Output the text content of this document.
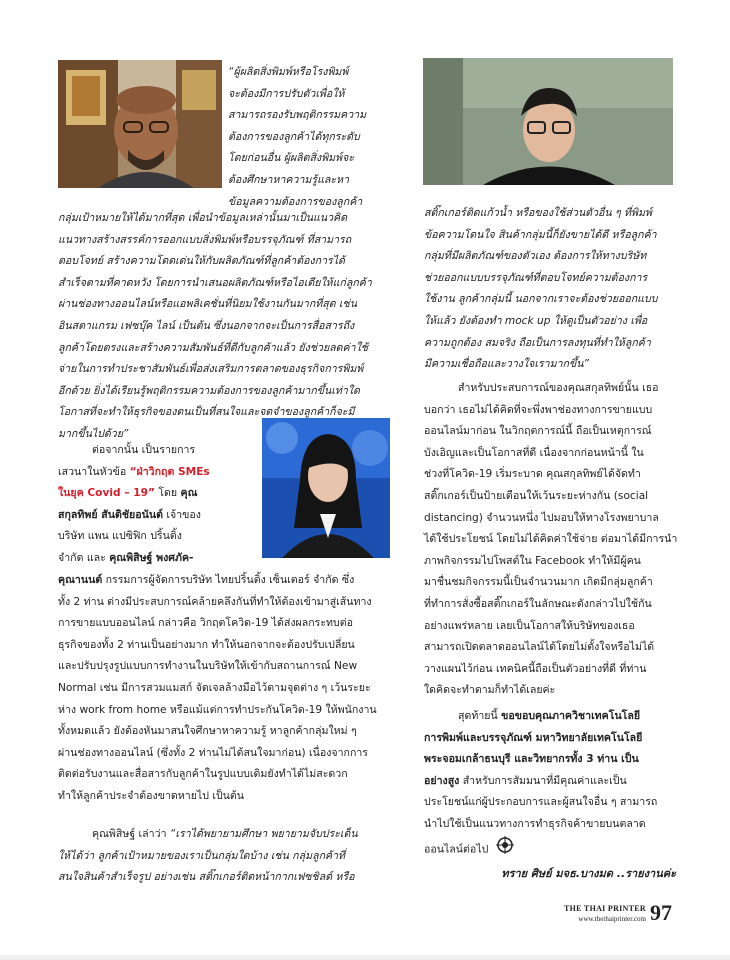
“ผู้ผลิตสิ่งพิมพ์หรือโรงพิมพ์
จะต้องมีการปรับตัวเพื่อให้
สามารถรองรับพฤติกรรมความ
ต้องการของลูกค้าได้ทุกระดับ
โดยก่อนอื่น ผู้ผลิตสิ่งพิมพ์จะ
ต้องศึกษาหาความรู้และหา
ข้อมูลความต้องการของลูกค้า
กลุ่มเป้าหมายให้ได้มากที่สุด เพื่อนำข้อมูลเหล่านั้นมาเป็นแนวคิด
แนวทางสร้างสรรค์การออกแบบสิ่งพิมพ์หรือบรรจุภัณฑ์ ที่สามารถ
ตอบโจทย์ สร้างความโดดเด่นให้กับผลิตภัณฑ์ที่ลูกค้าต้องการได้
สำเร็จตามที่คาดหวัง โดยการนำเสนอผลิตภัณฑ์หรือไอเดียให้แก่ลูกค้า
ผ่านช่องทางออนไลน์หรือแอพลิเคชั่นที่นิยมใช้งานกันมากที่สุด เช่น
อินสตาแกรม เฟซบุ๊ค ไลน์ เป็นต้น ซึ่งนอกจากจะเป็นการสื่อสารถึง
ลูกค้าโดยตรงและสร้างความสัมพันธ์ที่ดีกับลูกค้าแล้ว ยังช่วยลดค่าใช้
จ่ายในการทำประชาสัมพันธ์เพื่อส่งเสริมการตลาดของธุรกิจการพิมพ์
อีกด้วย ยิ่งได้เรียนรู้พฤติกรรมความต้องการของลูกค้ามากขึ้นเท่าใด
โอกาสที่จะทำให้ธุรกิจของตนเป็นที่สนใจและจดจำของลูกค้าก็จะมี
มากขึ้นไปด้วย”
ต่อจากนั้น เป็นรายการ
เสวนาในหัวข้อ “ฝ่าวิกฤต SMEs
ในยุค Covid – 19” โดย คุณ
สกุลทิพย์ สันติชัยอนันต์ เจ้าของ
บริษัท แพน แปซิฟิก ปริ้นติ้ง
จำกัด และ คุณพิสิษฐ์ พงศภัค-
คุณานนต์ กรรมการผู้จัดการบริษัท ไทยปริ้นติ้ง เซ็นเตอร์ จำกัด ซึ่ง
ทั้ง 2 ท่าน ต่างมีประสบการณ์คล้ายคลึงกันที่ทำให้ต้องเข้ามาสู่เส้นทาง
การขายแบบออนไลน์ กล่าวคือ วิกฤตโควิด-19 ได้ส่งผลกระทบต่อ
ธุรกิจของทั้ง 2 ท่านเป็นอย่างมาก ทำให้นอกจากจะต้องปรับเปลี่ยน
และปรับปรุงรูปแบบการทำงานในบริษัทให้เข้ากับสถานการณ์ New
Normal เช่น มีการสวมแมสก์ จัดเจลล้างมือไว้ตามจุดต่าง ๆ เว้นระยะ
ห่าง work from home หรือแม้แต่การทำประกันโควิด-19 ให้พนักงาน
ทั้งหมดแล้ว ยังต้องหันมาสนใจศึกษาหาความรู้ หาลูกค้ากลุ่มใหม่ ๆ
ผ่านช่องทางออนไลน์ (ซึ่งทั้ง 2 ท่านไม่ได้สนใจมาก่อน) เนื่องจากการ
ติดต่อรับงานและสื่อสารกับลูกค้าในรูปแบบเดิมยังทำได้ไม่สะดวก
ทำให้ลูกค้าประจำต้องขาดหายไป เป็นต้น
คุณพิสิษฐ์ เล่าว่า “เราได้พยายามศึกษา พยายามจับประเด็น
ให้ได้ว่า ลูกค้าเป้าหมายของเราเป็นกลุ่มใดบ้าง เช่น กลุ่มลูกค้าที่
สนใจสินค้าสำเร็จรูป อย่างเช่น สติ๊กเกอร์ติดหน้ากากเฟซชิลด์ หรือ
สติ๊กเกอร์ติดแก้วน้ำ หรือของใช้ส่วนตัวอื่น ๆ ที่พิมพ์
ข้อความโดนใจ สินค้ากลุ่มนี้ก็ยังขายได้ดี หรือลูกค้า
กลุ่มที่มีผลิตภัณฑ์ของตัวเอง ต้องการให้ทางบริษัท
ช่วยออกแบบบรรจุภัณฑ์ที่ตอบโจทย์ความต้องการ
ใช้งาน ลูกค้ากลุ่มนี้ นอกจากเราจะต้องช่วยออกแบบ
ให้แล้ว ยังต้องทำ mock up ให้ดูเป็นตัวอย่าง เพื่อ
ความถูกต้อง สมจริง ถือเป็นการลงทุนที่ทำให้ลูกค้า
มีความเชื่อถือและวางใจเรามากขึ้น”
สำหรับประสบการณ์ของคุณสกุลทิพย์นั้น เธอ
บอกว่า เธอไม่ได้คิดที่จะพึ่งพาช่องทางการขายแบบ
ออนไลน์มาก่อน ในวิกฤตการณ์นี้ ถือเป็นเหตุการณ์
บังเอิญและเป็นโอกาสที่ดี เนื่องจากก่อนหน้านี้ ใน
ช่วงที่โควิด-19 เริ่มระบาด คุณสกุลทิพย์ได้จัดทำ
สติ๊กเกอร์เป็นป้ายเตือนให้เว้นระยะห่างกัน (social
distancing) จำนวนหนึ่ง ไปมอบให้ทางโรงพยาบาล
ได้ใช้ประโยชน์ โดยไม่ได้คิดค่าใช้จ่าย ต่อมาได้มีการนำ
ภาพกิจกรรมไปโพสต์ใน Facebook ทำให้มีผู้คน
มาชื่นชมกิจกรรมนี้เป็นจำนวนมาก เกิดมีกลุ่มลูกค้า
ที่ทำการสั่งซื้อสติ๊กเกอร์ในลักษณะดังกล่าวไปใช้กัน
อย่างแพร่หลาย เลยเป็นโอกาสให้บริษัทของเธอ
สามารถเปิดตลาดออนไลน์ได้โดยไม่ตั้งใจหรือไม่ได้
วางแผนไว้ก่อน เทคนิคนี้ถือเป็นตัวอย่างที่ดี ที่ท่าน
ใดคิดจะทำตามก็ทำได้เลยค่ะ
สุดท้ายนี้ ขอขอบคุณภาควิชาเทคโนโลยี
การพิมพ์และบรรจุภัณฑ์ มหาวิทยาลัยเทคโนโลยี
พระจอมเกล้าธนบุรี และวิทยากรทั้ง 3 ท่าน เป็น
อย่างสูง สำหรับการสัมมนาที่มีคุณค่าและเป็น
ประโยชน์แก่ผู้ประกอบการและผู้สนใจอื่น ๆ สามารถ
นำไปใช้เป็นแนวทางการทำธุรกิจค้าขายบนตลาด
ออนไลน์ต่อไป
ทราย ศิษย์ มจธ.บางมด ..รายงานค่ะ
THE THAI PRINTER
www.thethaiprinter.com 97
